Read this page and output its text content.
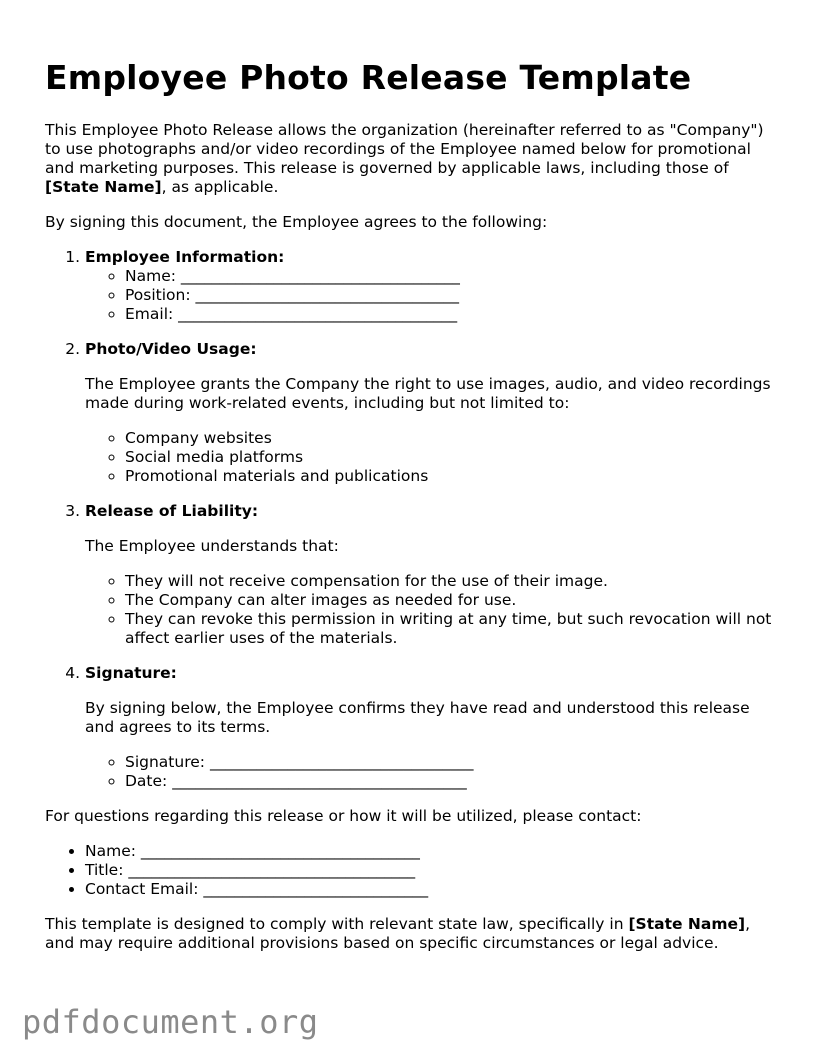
Employee Photo Release Template

This Employee Photo Release allows the organization (hereinafter referred to as "Company") to use photographs and/or video recordings of the Employee named below for promotional and marketing purposes. This release is governed by applicable laws, including those of [State Name], as applicable.

By signing this document, the Employee agrees to the following:

1. Employee Information:
◦ Name: ____________________________________
◦ Position: __________________________________
◦ Email: ____________________________________
2. Photo/Video Usage:

The Employee grants the Company the right to use images, audio, and video recordings made during work-related events, including but not limited to:

◦ Company websites
◦ Social media platforms
◦ Promotional materials and publications
3. Release of Liability:

The Employee understands that:

◦ They will not receive compensation for the use of their image.
◦ The Company can alter images as needed for use.
◦ They can revoke this permission in writing at any time, but such revocation will not affect earlier uses of the materials.
4. Signature:

By signing below, the Employee confirms they have read and understood this release and agrees to its terms.

◦ Signature: __________________________________
◦ Date: ______________________________________

For questions regarding this release or how it will be utilized, please contact:

• Name: ____________________________________
• Title: _____________________________________
• Contact Email: _____________________________

This template is designed to comply with relevant state law, specifically in [State Name], and may require additional provisions based on specific circumstances or legal advice.

pdfdocument.org
